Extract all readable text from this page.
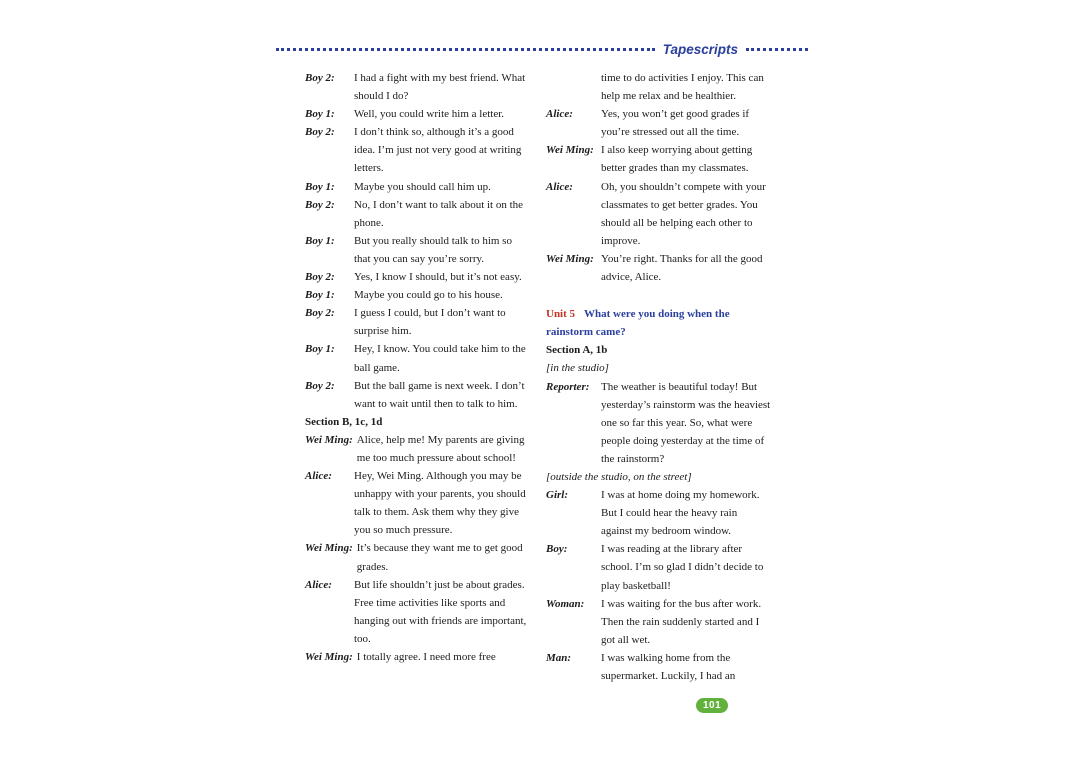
Tapescripts
Boy 2:	I had a fight with my best friend. What should I do?
Boy 1:	Well, you could write him a letter.
Boy 2:	I don’t think so, although it’s a good idea. I’m just not very good at writing letters.
Boy 1:	Maybe you should call him up.
Boy 2:	No, I don’t want to talk about it on the phone.
Boy 1:	But you really should talk to him so that you can say you’re sorry.
Boy 2:	Yes, I know I should, but it’s not easy.
Boy 1:	Maybe you could go to his house.
Boy 2:	I guess I could, but I don’t want to surprise him.
Boy 1:	Hey, I know. You could take him to the ball game.
Boy 2:	But the ball game is next week. I don’t want to wait until then to talk to him.
Section B, 1c, 1d
Wei Ming: Alice, help me! My parents are giving me too much pressure about school!
Alice:	Hey, Wei Ming. Although you may be unhappy with your parents, you should talk to them. Ask them why they give you so much pressure.
Wei Ming: It’s because they want me to get good grades.
Alice:	But life shouldn’t just be about grades. Free time activities like sports and hanging out with friends are important, too.
Wei Ming: I totally agree. I need more free
time to do activities I enjoy. This can help me relax and be healthier.
Alice:	Yes, you won’t get good grades if you’re stressed out all the time.
Wei Ming: I also keep worrying about getting better grades than my classmates.
Alice:	Oh, you shouldn’t compete with your classmates to get better grades. You should all be helping each other to improve.
Wei Ming: You’re right. Thanks for all the good advice, Alice.
Unit 5 What were you doing when the rainstorm came?
Section A, 1b
[in the studio]
Reporter:	The weather is beautiful today! But yesterday’s rainstorm was the heaviest one so far this year. So, what were people doing yesterday at the time of the rainstorm?
[outside the studio, on the street]
Girl:	I was at home doing my homework. But I could hear the heavy rain against my bedroom window.
Boy:	I was reading at the library after school. I’m so glad I didn’t decide to play basketball!
Woman:	I was waiting for the bus after work. Then the rain suddenly started and I got all wet.
Man:	I was walking home from the supermarket. Luckily, I had an
101
